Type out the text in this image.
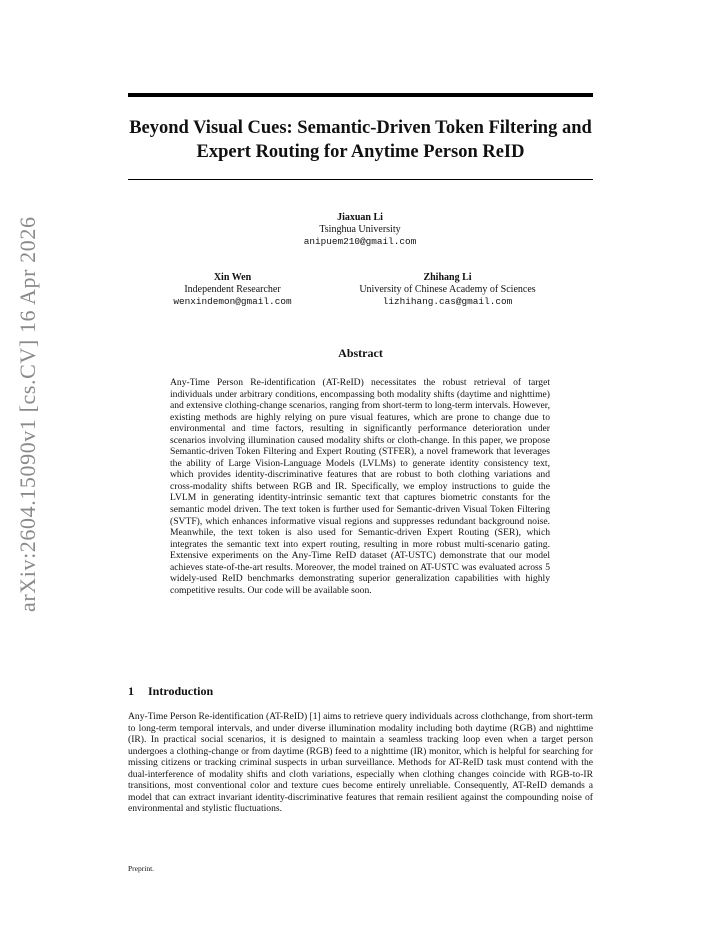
arXiv:2604.15090v1 [cs.CV] 16 Apr 2026
Beyond Visual Cues: Semantic-Driven Token Filtering and Expert Routing for Anytime Person ReID
Jiaxuan Li
Tsinghua University
anipuem210@gmail.com
Xin Wen
Independent Researcher
wenxindemon@gmail.com
Zhihang Li
University of Chinese Academy of Sciences
lizhihang.cas@gmail.com
Abstract

Any-Time Person Re-identification (AT-ReID) necessitates the robust retrieval of target individuals under arbitrary conditions, encompassing both modality shifts (daytime and nighttime) and extensive clothing-change scenarios, ranging from short-term to long-term intervals. However, existing methods are highly relying on pure visual features, which are prone to change due to environmental and time factors, resulting in significantly performance deterioration under scenarios involving illumination caused modality shifts or cloth-change. In this paper, we propose Semantic-driven Token Filtering and Expert Routing (STFER), a novel framework that leverages the ability of Large Vision-Language Models (LVLMs) to generate identity consistency text, which provides identity-discriminative features that are robust to both clothing variations and cross-modality shifts between RGB and IR. Specifically, we employ instructions to guide the LVLM in generating identity-intrinsic semantic text that captures biometric constants for the semantic model driven. The text token is further used for Semantic-driven Visual Token Filtering (SVTF), which enhances informative visual regions and suppresses redundant background noise. Meanwhile, the text token is also used for Semantic-driven Expert Routing (SER), which integrates the semantic text into expert routing, resulting in more robust multi-scenario gating. Extensive experiments on the Any-Time ReID dataset (AT-USTC) demonstrate that our model achieves state-of-the-art results. Moreover, the model trained on AT-USTC was evaluated across 5 widely-used ReID benchmarks demonstrating superior generalization capabilities with highly competitive results. Our code will be available soon.

1 Introduction

Any-Time Person Re-identification (AT-ReID) [1] aims to retrieve query individuals across clothchange, from short-term to long-term temporal intervals, and under diverse illumination modality including both daytime (RGB) and nighttime (IR). In practical social scenarios, it is designed to maintain a seamless tracking loop even when a target person undergoes a clothing-change or from daytime (RGB) feed to a nighttime (IR) monitor, which is helpful for searching for missing citizens or tracking criminal suspects in urban surveillance. Methods for AT-ReID task must contend with the dual-interference of modality shifts and cloth variations, especially when clothing changes coincide with RGB-to-IR transitions, most conventional color and texture cues become entirely unreliable. Consequently, AT-ReID demands a model that can extract invariant identity-discriminative features that remain resilient against the compounding noise of environmental and stylistic fluctuations.

Preprint.
